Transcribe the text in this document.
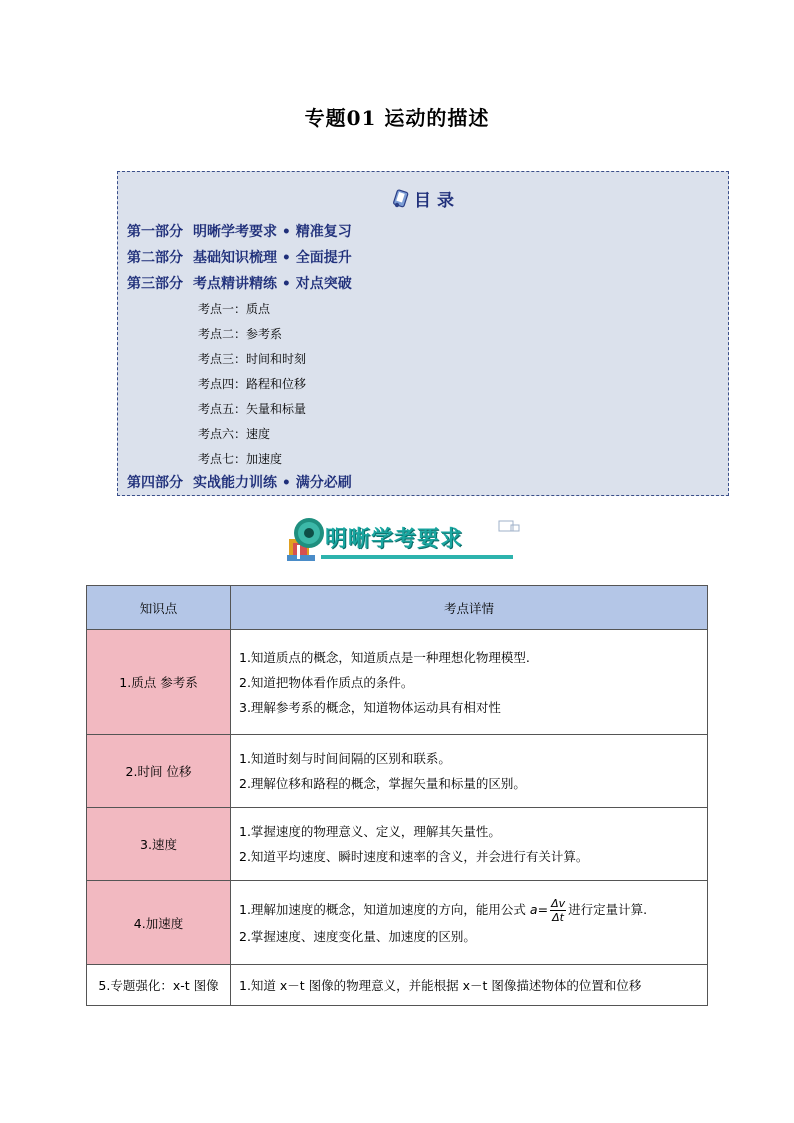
专题01 运动的描述
目 录
第一部分 明晰学考要求 • 精准复习
第二部分 基础知识梳理 • 全面提升
第三部分 考点精讲精练 • 对点突破
考点一：质点
考点二：参考系
考点三：时间和时刻
考点四：路程和位移
考点五：矢量和标量
考点六：速度
考点七：加速度
第四部分 实战能力训练 • 满分必刷
明晰学考要求
知识点	考点详情
1.质点 参考系	1.知道质点的概念，知道质点是一种理想化物理模型.

2.知道把物体看作质点的条件。

3.理解参考系的概念，知道物体运动具有相对性

2.时间 位移	1.知道时刻与时间间隔的区别和联系。

2.理解位移和路程的概念，掌握矢量和标量的区别。

3.速度	1.掌握速度的物理意义、定义，理解其矢量性。

2.知道平均速度、瞬时速度和速率的含义，并会进行有关计算。

4.加速度	1.理解加速度的概念，知道加速度的方向，能用公式 $a= \frac{\Delta v}{\Delta t}$ 进行定量计算.

2.掌握速度、速度变化量、加速度的区别。

5.专题强化：x-t 图像	1.知道 x－t 图像的物理意义，并能根据 x－t 图像描述物体的位置和位移
